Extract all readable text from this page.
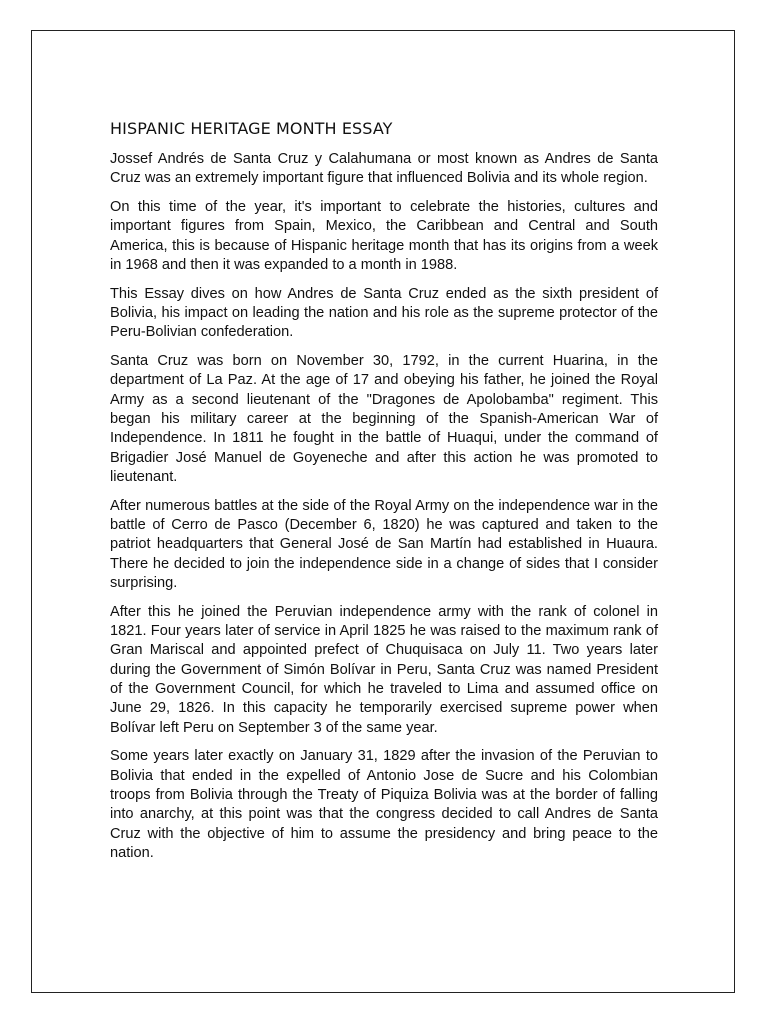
HISPANIC HERITAGE MONTH ESSAY

Jossef Andrés de Santa Cruz y Calahumana or most known as Andres de Santa Cruz was an extremely important figure that influenced Bolivia and its whole region.

On this time of the year, it's important to celebrate the histories, cultures and important figures from Spain, Mexico, the Caribbean and Central and South America, this is because of Hispanic heritage month that has its origins from a week in 1968 and then it was expanded to a month in 1988.

This Essay dives on how Andres de Santa Cruz ended as the sixth president of Bolivia, his impact on leading the nation and his role as the supreme protector of the Peru-Bolivian confederation.

Santa Cruz was born on November 30, 1792, in the current Huarina, in the department of La Paz. At the age of 17 and obeying his father, he joined the Royal Army as a second lieutenant of the "Dragones de Apolobamba" regiment. This began his military career at the beginning of the Spanish-American War of Independence. In 1811 he fought in the battle of Huaqui, under the command of Brigadier José Manuel de Goyeneche and after this action he was promoted to lieutenant.

After numerous battles at the side of the Royal Army on the independence war in the battle of Cerro de Pasco (December 6, 1820) he was captured and taken to the patriot headquarters that General José de San Martín had established in Huaura. There he decided to join the independence side in a change of sides that I consider surprising.

After this he joined the Peruvian independence army with the rank of colonel in 1821. Four years later of service in April 1825 he was raised to the maximum rank of Gran Mariscal and appointed prefect of Chuquisaca on July 11. Two years later during the Government of Simón Bolívar in Peru, Santa Cruz was named President of the Government Council, for which he traveled to Lima and assumed office on June 29, 1826. In this capacity he temporarily exercised supreme power when Bolívar left Peru on September 3 of the same year.

Some years later exactly on January 31, 1829 after the invasion of the Peruvian to Bolivia that ended in the expelled of Antonio Jose de Sucre and his Colombian troops from Bolivia through the Treaty of Piquiza Bolivia was at the border of falling into anarchy, at this point was that the congress decided to call Andres de Santa Cruz with the objective of him to assume the presidency and bring peace to the nation.
